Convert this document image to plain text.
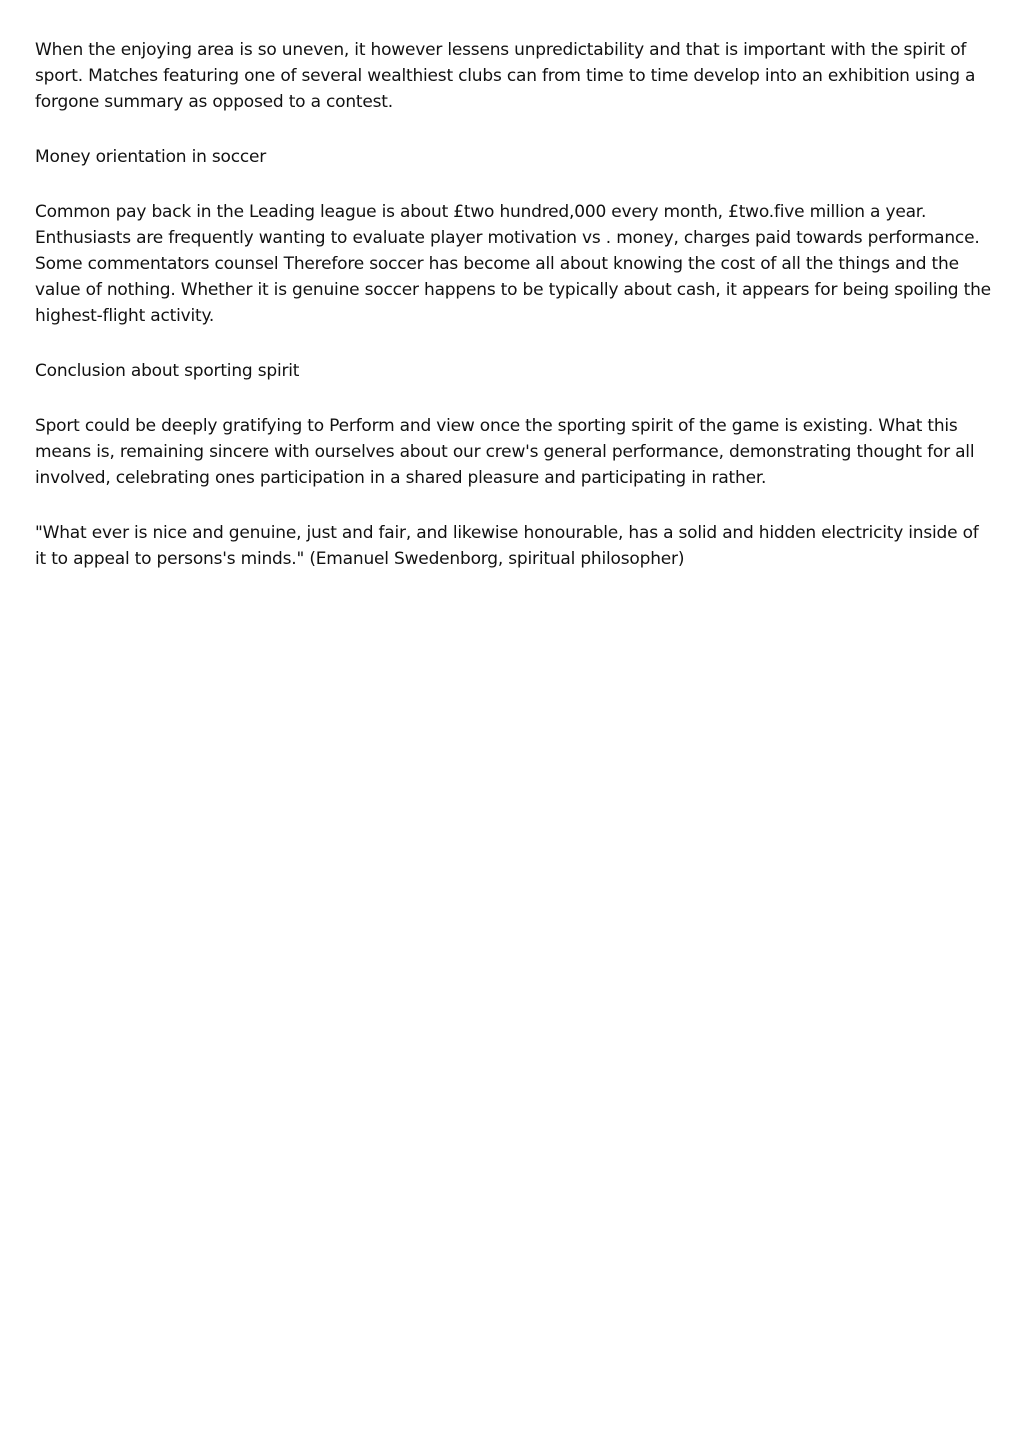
When the enjoying area is so uneven, it however lessens unpredictability and that is important with the spirit of sport. Matches featuring one of several wealthiest clubs can from time to time develop into an exhibition using a forgone summary as opposed to a contest.

Money orientation in soccer

Common pay back in the Leading league is about £two hundred,000 every month, £two.five million a year. Enthusiasts are frequently wanting to evaluate player motivation vs . money, charges paid towards performance. Some commentators counsel Therefore soccer has become all about knowing the cost of all the things and the value of nothing. Whether it is genuine soccer happens to be typically about cash, it appears for being spoiling the highest-flight activity.

Conclusion about sporting spirit

Sport could be deeply gratifying to Perform and view once the sporting spirit of the game is existing. What this means is, remaining sincere with ourselves about our crew's general performance, demonstrating thought for all involved, celebrating ones participation in a shared pleasure and participating in rather.

"What ever is nice and genuine, just and fair, and likewise honourable, has a solid and hidden electricity inside of it to appeal to persons's minds." (Emanuel Swedenborg, spiritual philosopher)
